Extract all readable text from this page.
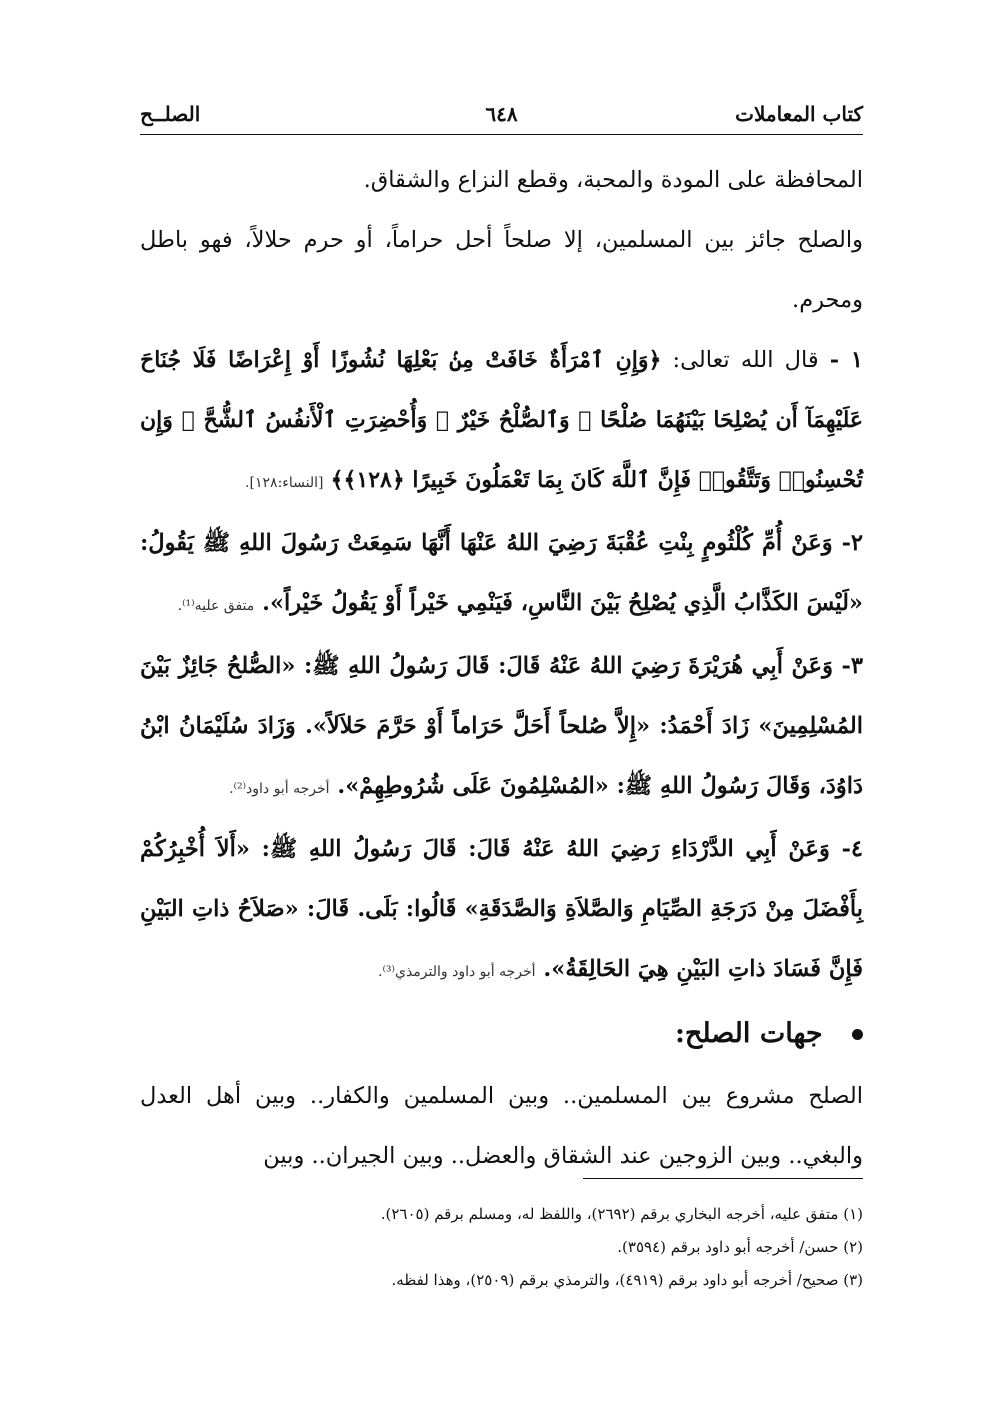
كتاب المعاملات
٦٤٨
الصلــح

المحافظة على المودة والمحبة، وقطع النزاع والشقاق.

والصلح جائز بين المسلمين، إلا صلحاً أحل حراماً، أو حرم حلالاً، فهو باطل ومحرم.

١ - قال الله تعالى: ﴿وَإِنِ ٱمْرَأَةٌ خَافَتْ مِنۢ بَعْلِهَا نُشُوزًا أَوْ إِعْرَاضًا فَلَا جُنَاحَ عَلَيْهِمَآ أَن يُصْلِحَا بَيْنَهُمَا صُلْحًا ۚ وَٱلصُّلْحُ خَيْرٌ ۗ وَأُحْضِرَتِ ٱلْأَنفُسُ ٱلشُّحَّ ۚ وَإِن تُحْسِنُوا۟ وَتَتَّقُوا۟ فَإِنَّ ٱللَّهَ كَانَ بِمَا تَعْمَلُونَ خَبِيرًا ﴿١٢٨﴾﴾ [النساء:١٢٨].

٢- وَعَنْ أُمِّ كُلْثُومٍ بِنْتِ عُقْبَةَ رَضِيَ اللهُ عَنْهَا أَنَّهَا سَمِعَتْ رَسُولَ اللهِ ﷺ يَقُولُ: «لَيْسَ الكَذَّابُ الَّذِي يُصْلِحُ بَيْنَ النَّاسِ، فَيَنْمِي خَيْراً أَوْ يَقُولُ خَيْراً». متفق عليه⁽¹⁾.

٣- وَعَنْ أَبِي هُرَيْرَةَ رَضِيَ اللهُ عَنْهُ قَالَ: قَالَ رَسُولُ اللهِ ﷺ: «الصُّلحُ جَائِزٌ بَيْنَ المُسْلِمِينَ» زَادَ أَحْمَدُ: «إِلاَّ صُلحاً أَحَلَّ حَرَاماً أَوْ حَرَّمَ حَلاَلاً». وَزَادَ سُلَيْمَانُ ابْنُ دَاوُدَ، وَقَالَ رَسُولُ اللهِ ﷺ: «المُسْلِمُونَ عَلَى شُرُوطِهِمْ». أخرجه أبو داود⁽²⁾.

٤- وَعَنْ أَبِي الدَّرْدَاءِ رَضِيَ اللهُ عَنْهُ قَالَ: قَالَ رَسُولُ اللهِ ﷺ: «أَلاَ أُخْبِرُكُمْ بِأَفْضَلَ مِنْ دَرَجَةِ الصِّيَامِ وَالصَّلاَةِ وَالصَّدَقَةِ» قَالُوا: بَلَى. قَالَ: «صَلاَحُ ذاتِ البَيْنِ فَإِنَّ فَسَادَ ذاتِ البَيْنِ هِيَ الحَالِقَةُ». أخرجه أبو داود والترمذي⁽³⁾.

جهات الصلح:

الصلح مشروع بين المسلمين.. وبين المسلمين والكفار.. وبين أهل العدل والبغي.. وبين الزوجين عند الشقاق والعضل.. وبين الجيران.. وبين

(١) متفق عليه، أخرجه البخاري برقم (٢٦٩٢)، واللفظ له، ومسلم برقم (٢٦٠٥).

(٢) حسن/ أخرجه أبو داود برقم (٣٥٩٤).

(٣) صحيح/ أخرجه أبو داود برقم (٤٩١٩)، والترمذي برقم (٢٥٠٩)، وهذا لفظه.
